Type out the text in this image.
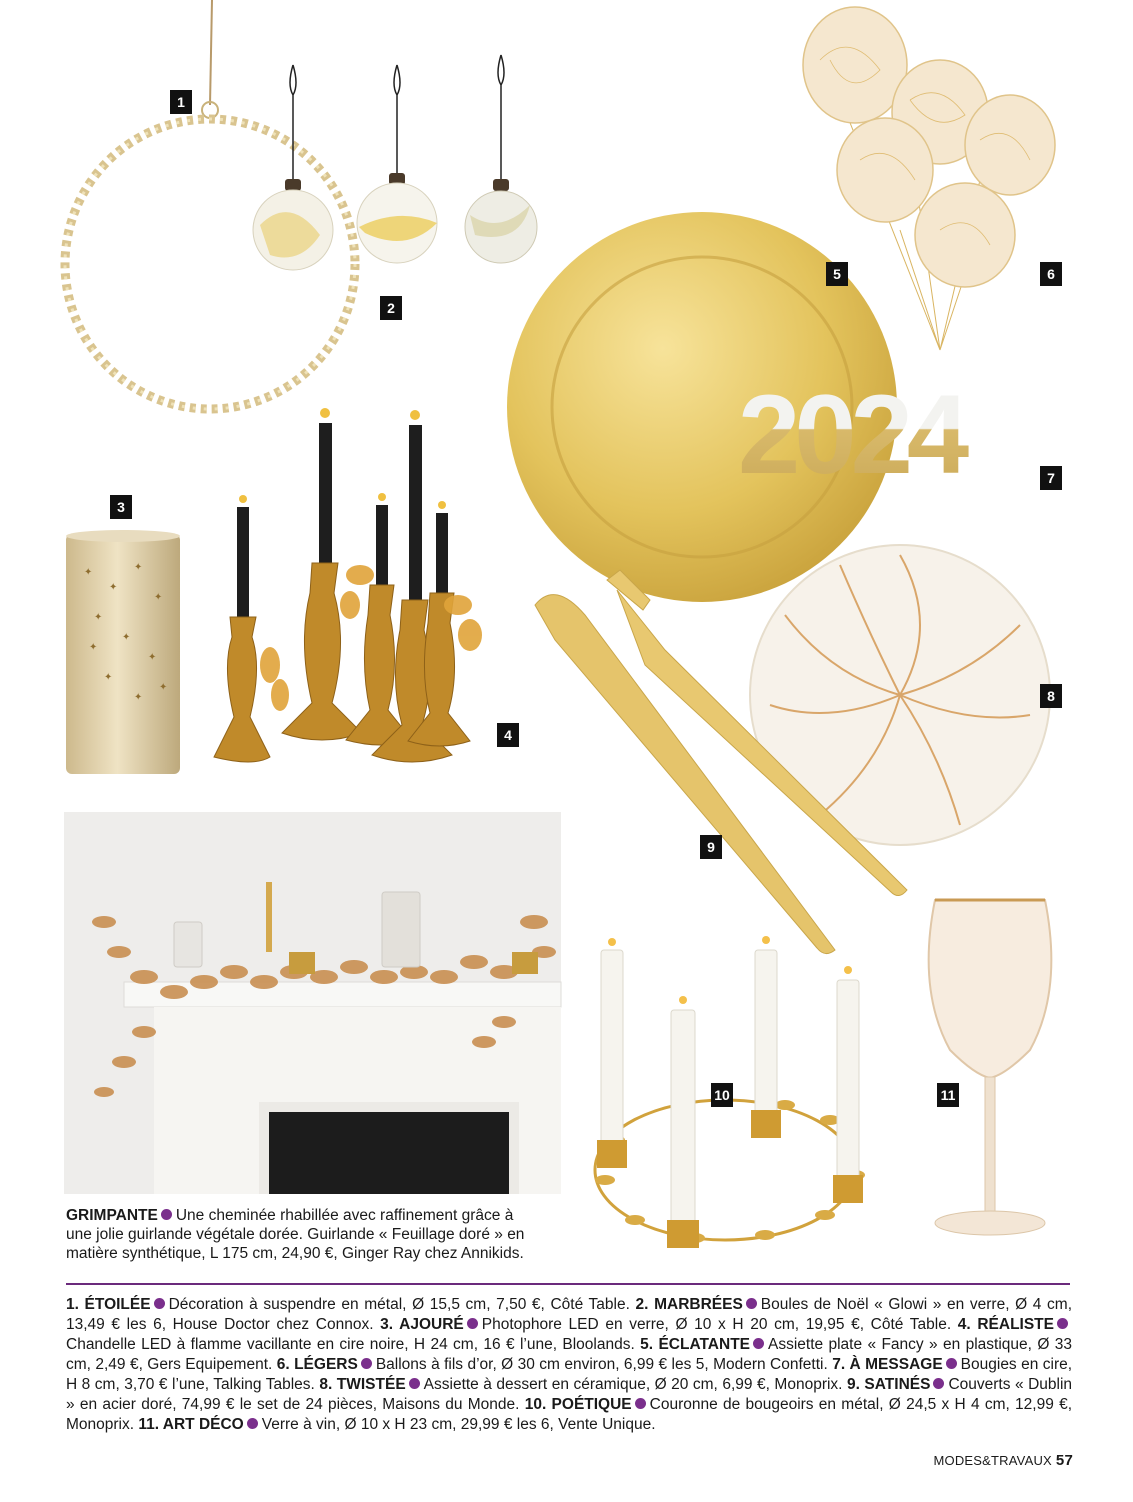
1
2
6
5
2024	7
8
9
✦
✦
✦
✦
✦
✦
✦
✦
✦
✦
✦
3
4
GRIMPANTE Une cheminée rhabillée avec raffinement grâce à une jolie guirlande végétale dorée. Guirlande « Feuillage doré » en matière synthétique, L 175 cm, 24,90 €, Ginger Ray chez Annikids.
10	11
1. ÉTOILÉE Décoration à suspendre en métal, Ø 15,5 cm, 7,50 €, Côté Table. 2. MARBRÉES Boules de Noël « Glowi » en verre, Ø 4 cm, 13,49 € les 6, House Doctor chez Connox. 3. AJOURÉ Photophore LED en verre, Ø 10 x H 20 cm, 19,95 €, Côté Table. 4. RÉALISTEChandelle LED à flamme vacillante en cire noire, H 24 cm, 16 € l’une, Bloolands. 5. ÉCLATANTE Assiette plate « Fancy » en plastique, Ø 33 cm, 2,49 €, Gers Equipement. 6. LÉGERS Ballons à fils d’or, Ø 30 cm environ, 6,99 € les 5, Modern Confetti. 7. À MESSAGE Bougies en cire, H 8 cm, 3,70 € l’une, Talking Tables. 8. TWISTÉE Assiette à dessert en céramique, Ø 20 cm, 6,99 €, Monoprix. 9. SATINÉS Couverts « Dublin » en acier doré, 74,99 € le set de 24 pièces, Maisons du Monde. 10. POÉTIQUE Couronne de bougeoirs en métal, Ø 24,5 x H 4 cm, 12,99 €, Monoprix. 11. ART DÉCO Verre à vin, Ø 10 x H 23 cm, 29,99 € les 6, Vente Unique.
MODES&TRAVAUX 57
